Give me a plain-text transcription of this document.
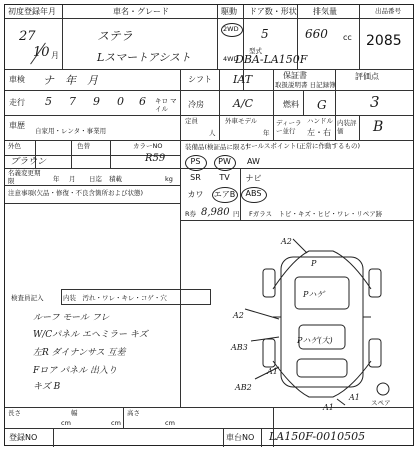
初度登録年月
27
10 月
車名・グレード
ステラ
Lスマートアシスト
駆動
2WD
4WD
ドア数・形状
5
型式
DBA-LA150F
排気量
660 cc
出品番号
2085
車検 ナ　年　月	シフト IAT	保証書
取扱説明書 日記録簿
評価点
3
走行 5 7 9 0 6 キロ マイル	冷房	A/C	燃料 G
内装評価	B
車歴
自家用・レンタ・事業用
定員
人
外車モデル
年
ディーラー並行
ハンドル
左・右
外色
ブラウン
色替	カラーNO
R59
装備品(検証品に限る)
PS	PW	AW
SR	TV	ナビ
カワ	エアB	ABS
R券 8,980 円
セールスポイント(正常に作動するもの)
名義変更期限	年 月 日迄 積載	kg
注意事項(欠品・修復・不良含箇所および状態)
Fガラス　トビ・キズ・ヒビ・ワレ・リペア跡
検査員記入	内装　汚れ・ワレ・キレ・コゲ・穴
ルーフ モール フレ
W/Cパネル エヘミラー キズ
左R ダイナンサス 互差
Fロア パネル 出入り
キズ B
A2
P
Pハゲ
A2
Pハゲ(大)
AB3
A1
AB2
A1
A1
スペア
長さ
cm
幅
cm
高さ
cm
登録NO	車台NO LA150F-0010505
